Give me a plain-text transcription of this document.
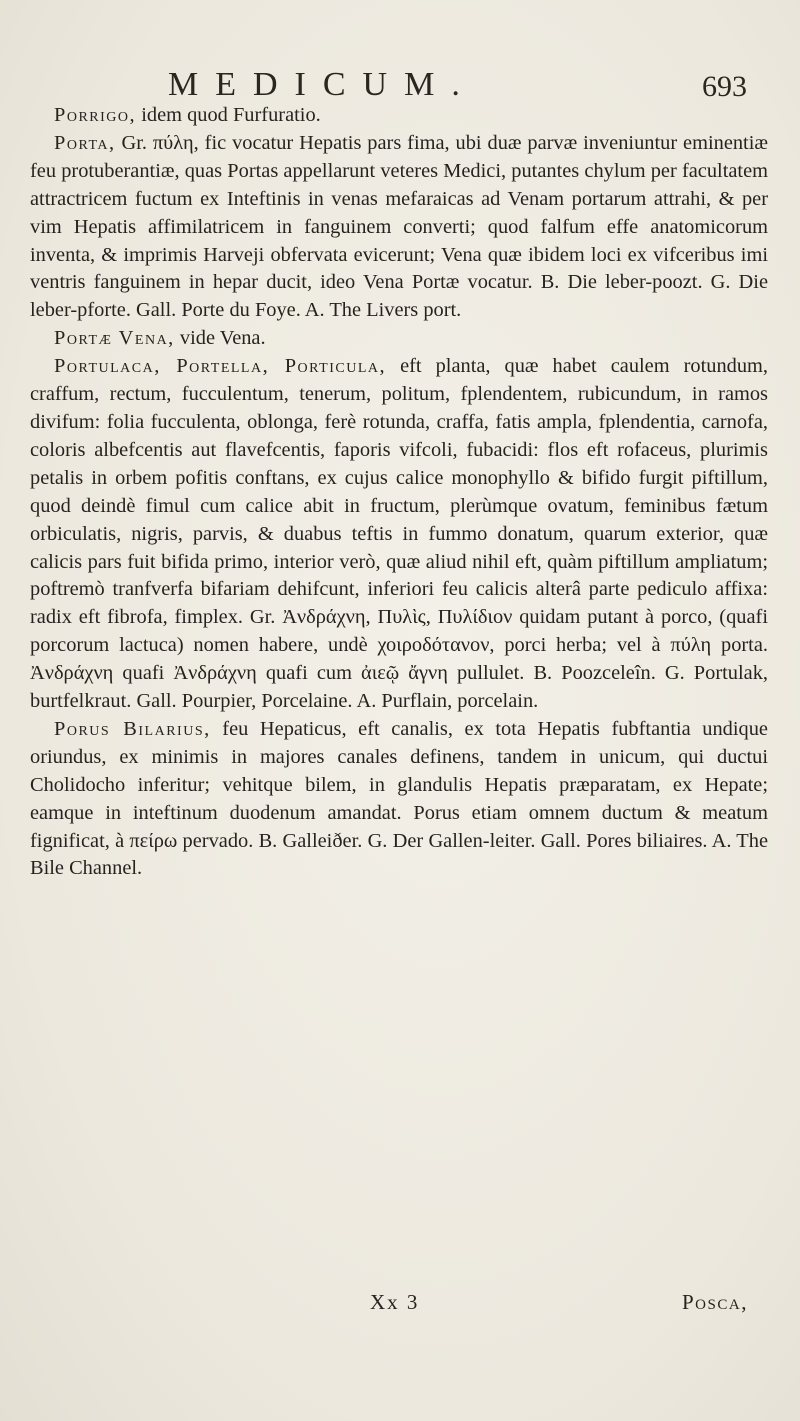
MEDICUM.	693

Porrigo, idem quod Furfuratio.

Porta, Gr. πύλη, fic vocatur Hepatis pars fima, ubi duæ parvæ inveniuntur eminentiæ feu protuberantiæ, quas Portas appellarunt veteres Medici, putantes chylum per facultatem attractricem fuctum ex Inteftinis in venas mefaraicas ad Venam portarum attrahi, & per vim Hepatis affimilatricem in fanguinem converti; quod falfum effe anatomicorum inventa, & imprimis Harveji obfervata evicerunt; Vena quæ ibidem loci ex vifceribus imi ventris fanguinem in hepar ducit, ideo Vena Portæ vocatur. B. Die leber-poozt. G. Die leber-pforte. Gall. Porte du Foye. A. The Livers port.

Portæ Vena, vide Vena.

Portulaca, Portella, Porticula, eft planta, quæ habet caulem rotundum, craffum, rectum, fucculentum, tenerum, politum, fplendentem, rubicundum, in ramos divifum: folia fucculenta, oblonga, ferè rotunda, craffa, fatis ampla, fplendentia, carnofa, coloris albefcentis aut flavefcentis, faporis vifcoli, fubacidi: flos eft rofaceus, plurimis petalis in orbem pofitis conftans, ex cujus calice monophyllo & bifido furgit piftillum, quod deindè fimul cum calice abit in fructum, plerùmque ovatum, feminibus fætum orbiculatis, nigris, parvis, & duabus teftis in fummo donatum, quarum exterior, quæ calicis pars fuit bifida primo, interior verò, quæ aliud nihil eft, quàm piftillum ampliatum; poftremò tranfverfa bifariam dehifcunt, inferiori feu calicis alterâ parte pediculo affixa: radix eft fibrofa, fimplex. Gr. Ἀνδράχνη, Πυλὶς, Πυλίδιον quidam putant à porco, (quafi porcorum lactuca) nomen habere, undè χοιροδότανον, porci herba; vel à πύλη porta. Ἀνδράχνη quafi Ἀνδράχνη quafi cum ἀιεῷ ἄγνη pullulet. B. Poozceleîn. G. Portulak, burtfelkraut. Gall. Pourpier, Porcelaine. A. Purflain, porcelain.

Porus Bilarius, feu Hepaticus, eft canalis, ex tota Hepatis fubftantia undique oriundus, ex minimis in majores canales definens, tandem in unicum, qui ductui Cholidocho inferitur; vehitque bilem, in glandulis Hepatis præparatam, ex Hepate; eamque in inteftinum duodenum amandat. Porus etiam omnem ductum & meatum fignificat, à πείρω pervado. B. Galleiðer. G. Der Gallen-leiter. Gall. Pores biliaires. A. The Bile Channel.

Xx 3	Posca,
